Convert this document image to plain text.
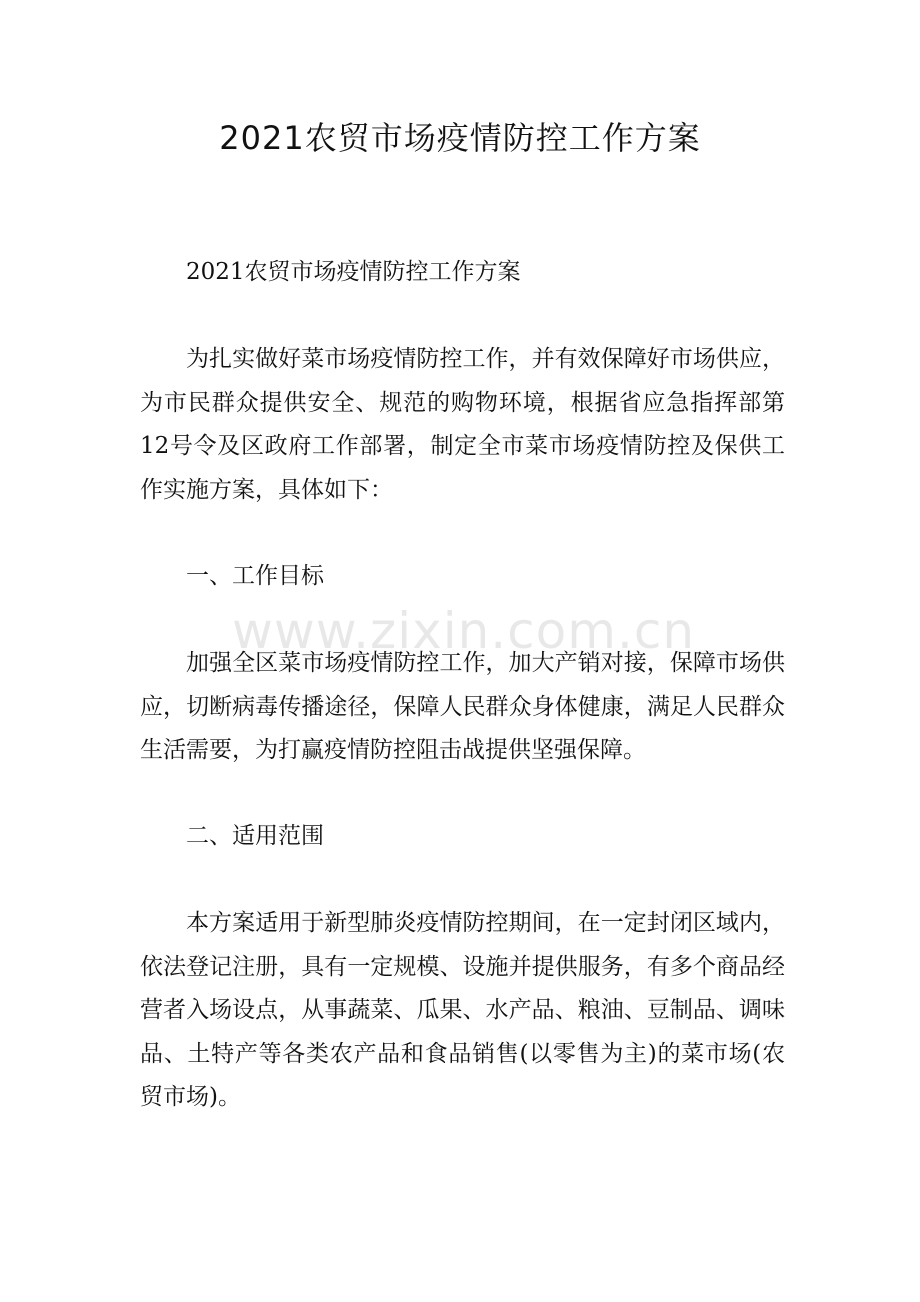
2021农贸市场疫情防控工作方案

2021农贸市场疫情防控工作方案

为扎实做好菜市场疫情防控工作，并有效保障好市场供应，为市民群众提供安全、规范的购物环境，根据省应急指挥部第12号令及区政府工作部署，制定全市菜市场疫情防控及保供工作实施方案，具体如下：

一、工作目标

加强全区菜市场疫情防控工作，加大产销对接，保障市场供应，切断病毒传播途径，保障人民群众身体健康，满足人民群众生活需要，为打赢疫情防控阻击战提供坚强保障。

二、适用范围

本方案适用于新型肺炎疫情防控期间，在一定封闭区域内，依法登记注册，具有一定规模、设施并提供服务，有多个商品经营者入场设点，从事蔬菜、瓜果、水产品、粮油、豆制品、调味品、土特产等各类农产品和食品销售(以零售为主)的菜市场(农贸市场)。

www.zixin.com.cn
